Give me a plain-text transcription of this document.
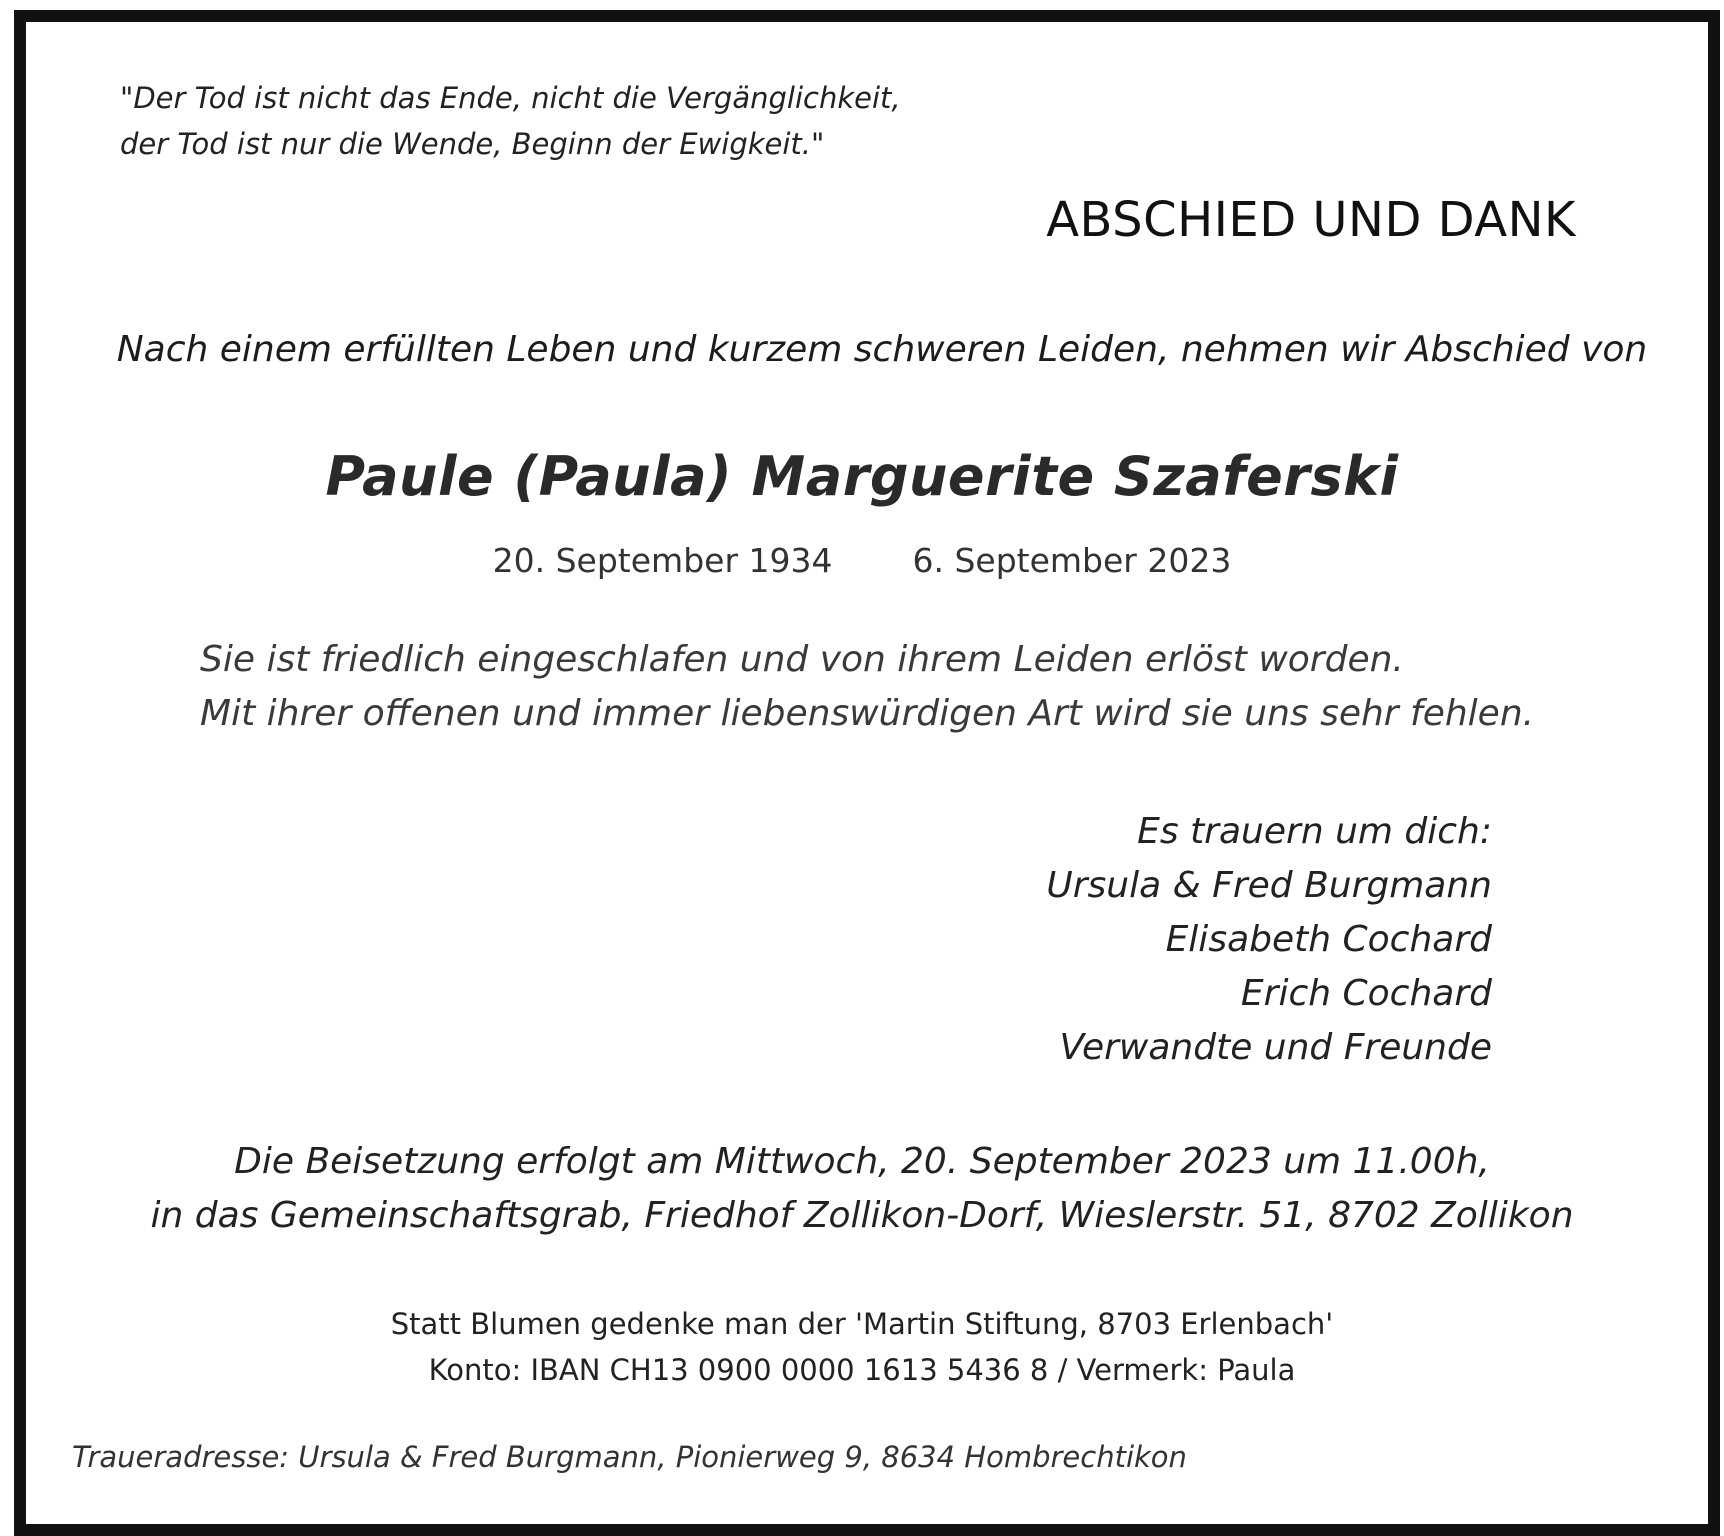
"Der Tod ist nicht das Ende, nicht die Vergänglichkeit,
der Tod ist nur die Wende, Beginn der Ewigkeit."
ABSCHIED UND DANK
Nach einem erfüllten Leben und kurzem schweren Leiden, nehmen wir Abschied von
Paule (Paula) Marguerite Szaferski
20. September 1934 6. September 2023
Sie ist friedlich eingeschlafen und von ihrem Leiden erlöst worden.
Mit ihrer offenen und immer liebenswürdigen Art wird sie uns sehr fehlen.
Es trauern um dich:
Ursula & Fred Burgmann
Elisabeth Cochard
Erich Cochard
Verwandte und Freunde
Die Beisetzung erfolgt am Mittwoch, 20. September 2023 um 11.00h,
in das Gemeinschaftsgrab, Friedhof Zollikon-Dorf, Wieslerstr. 51, 8702 Zollikon
Statt Blumen gedenke man der 'Martin Stiftung, 8703 Erlenbach'
Konto: IBAN CH13 0900 0000 1613 5436 8 / Vermerk: Paula
Traueradresse: Ursula & Fred Burgmann, Pionierweg 9, 8634 Hombrechtikon
